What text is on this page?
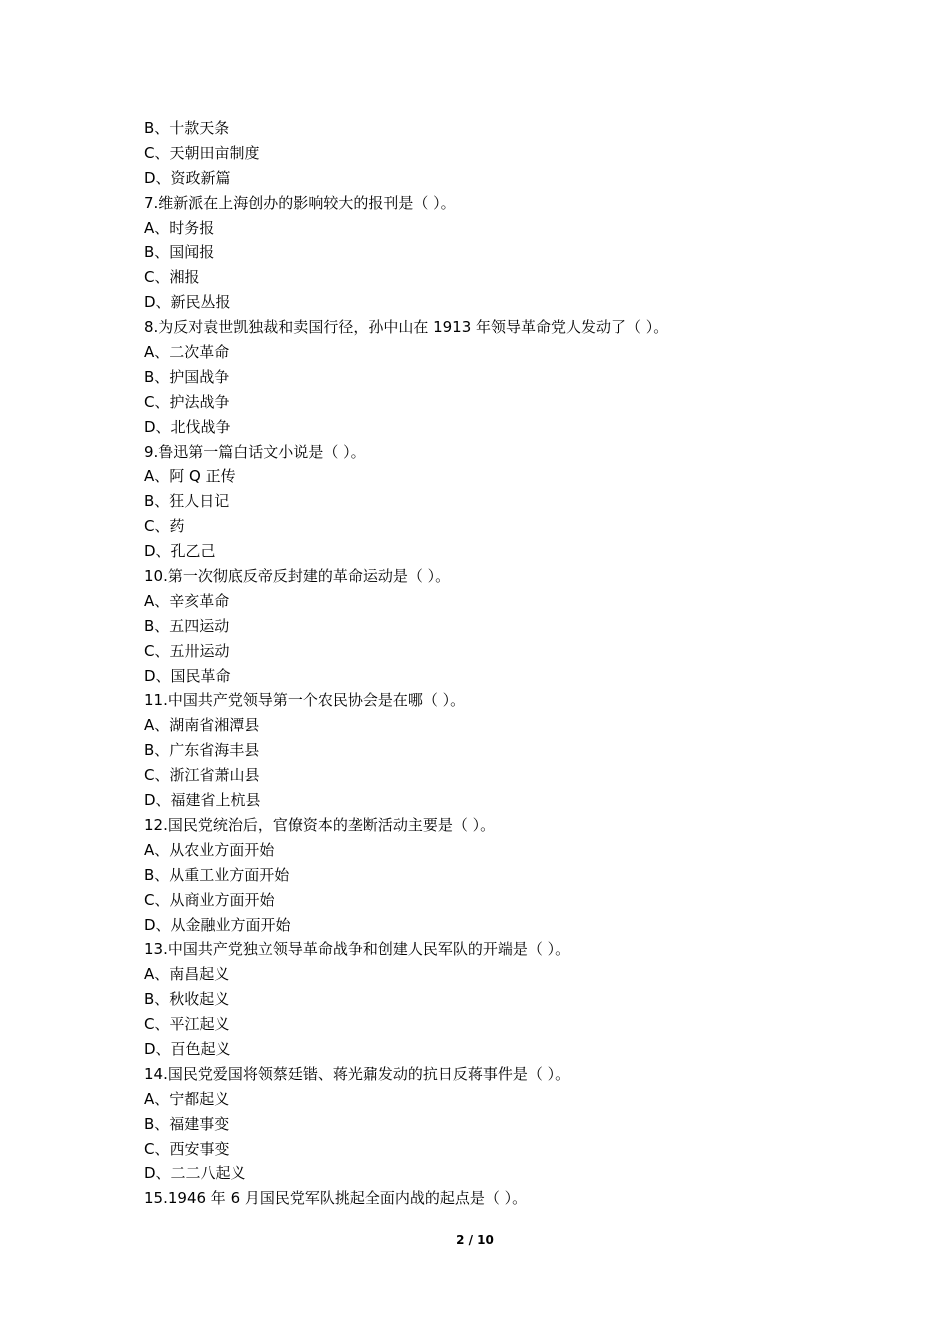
B、十款天条
C、天朝田亩制度
D、资政新篇
7.维新派在上海创办的影响较大的报刊是（ ）。
A、时务报
B、国闻报
C、湘报
D、新民丛报
8.为反对袁世凯独裁和卖国行径，孙中山在 1913 年领导革命党人发动了（ ）。
A、二次革命
B、护国战争
C、护法战争
D、北伐战争
9.鲁迅第一篇白话文小说是（ ）。
A、阿 Q 正传
B、狂人日记
C、药
D、孔乙己
10.第一次彻底反帝反封建的革命运动是（ ）。
A、辛亥革命
B、五四运动
C、五卅运动
D、国民革命
11.中国共产党领导第一个农民协会是在哪（ ）。
A、湖南省湘潭县
B、广东省海丰县
C、浙江省萧山县
D、福建省上杭县
12.国民党统治后，官僚资本的垄断活动主要是（ ）。
A、从农业方面开始
B、从重工业方面开始
C、从商业方面开始
D、从金融业方面开始
13.中国共产党独立领导革命战争和创建人民军队的开端是（ ）。
A、南昌起义
B、秋收起义
C、平江起义
D、百色起义
14.国民党爱国将领蔡廷锴、蒋光鼐发动的抗日反蒋事件是（ ）。
A、宁都起义
B、福建事变
C、西安事变
D、二二八起义
15.1946 年 6 月国民党军队挑起全面内战的起点是（ ）。
2 / 10
